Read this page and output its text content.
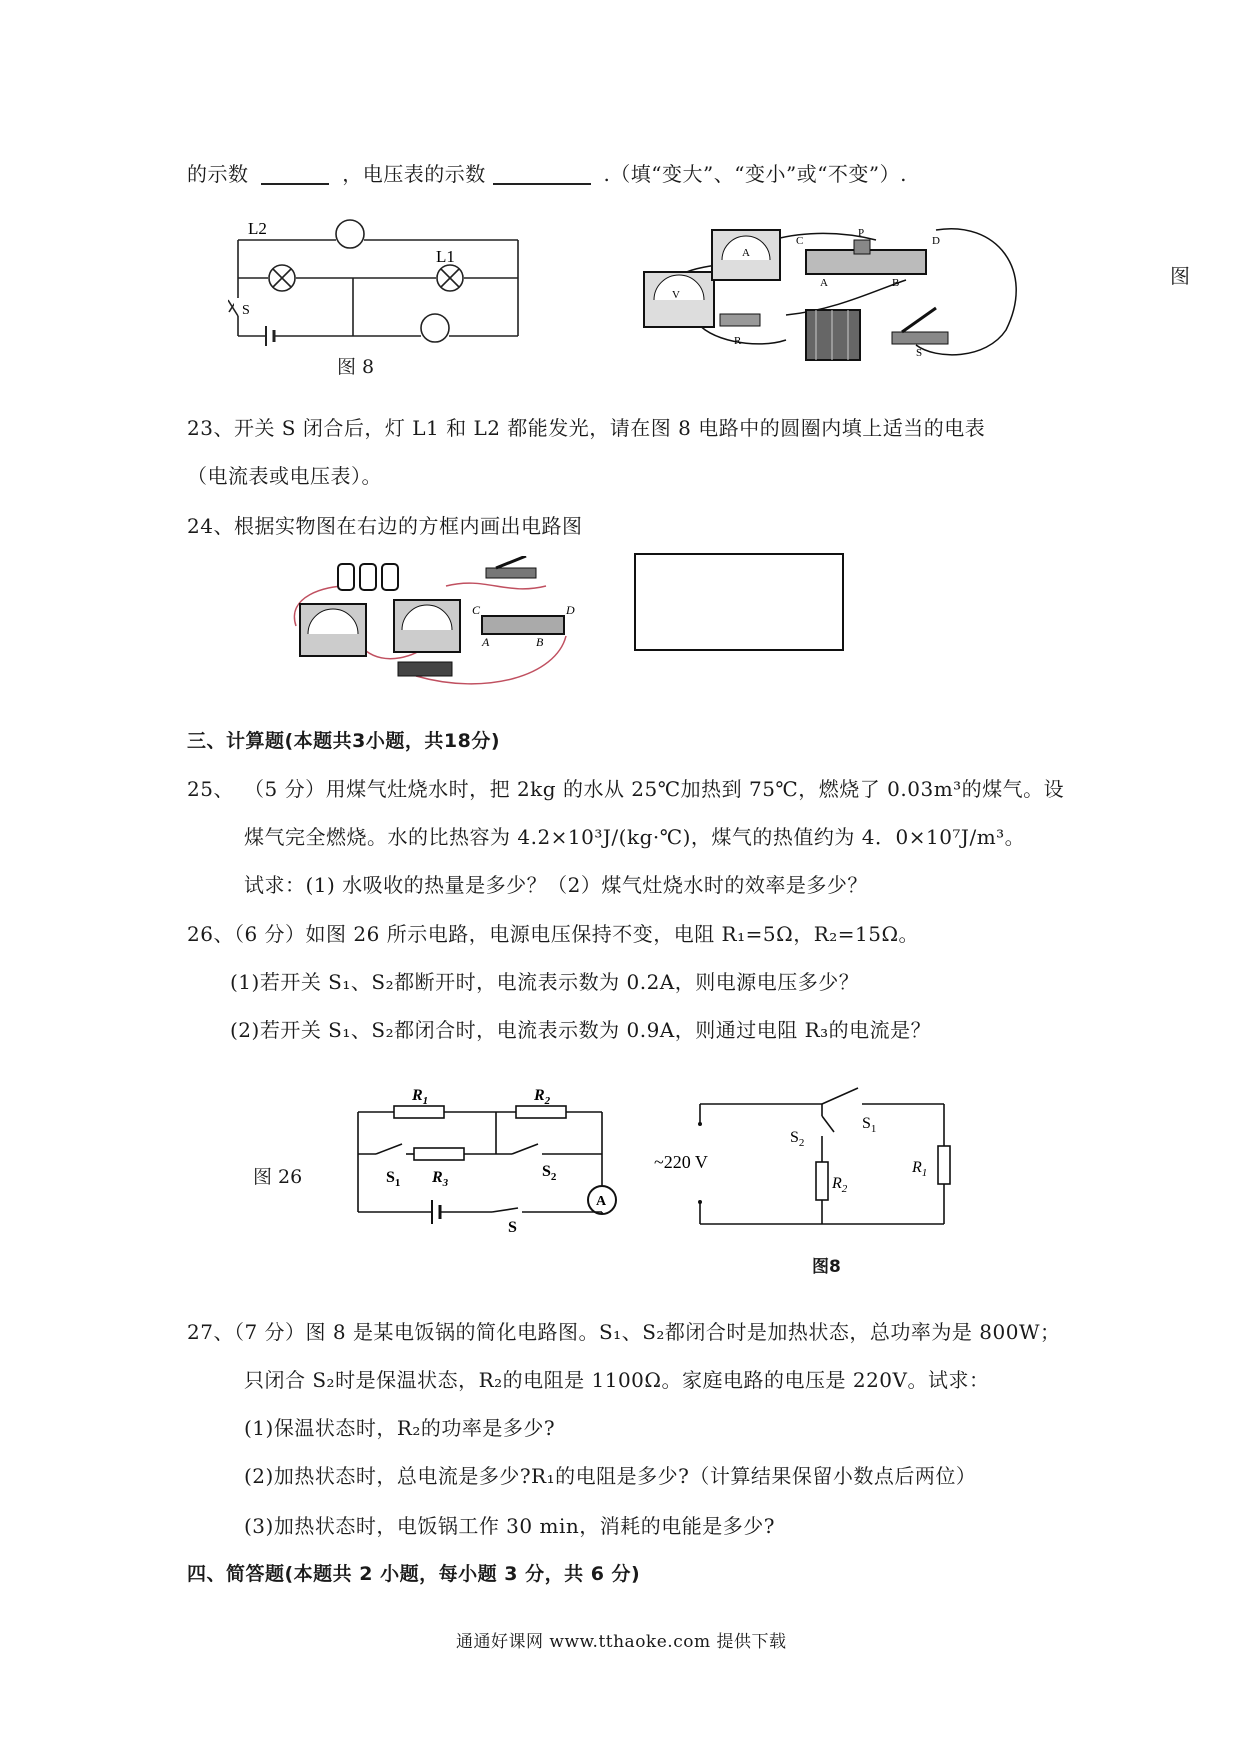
的示数	，电压表的示数	.（填“变大”、“变小”或“不变”）.
L2
L1
S
图 8
V
A
P
C	D
A	B
R
S
图
23、开关 S 闭合后，灯 L1 和 L2 都能发光，请在图 8 电路中的圆圈内填上适当的电表
（电流表或电压表）。
24、根据实物图在右边的方框内画出电路图
C	D
A	B
三、计算题(本题共3小题，共18分)
25、 （5 分）用煤气灶烧水时，把 2kg 的水从 25℃加热到 75℃，燃烧了 0.03m³的煤气。设
煤气完全燃烧。水的比热容为 4.2×10³J/(kg·℃)，煤气的热值约为 4．0×10⁷J/m³。
试求：(1) 水吸收的热量是多少？（2）煤气灶烧水时的效率是多少？
26、（6 分）如图 26 所示电路，电源电压保持不变，电阻 R₁=5Ω，R₂=15Ω。
(1)若开关 S₁、S₂都断开时，电流表示数为 0.2A，则电源电压多少？
(2)若开关 S₁、S₂都闭合时，电流表示数为 0.9A，则通过电阻 R₃的电流是？
图 26
$R_1$	$R_2$
$R_3$
$S_1$
$S_2$
S
A
~220 V
$S_1$
$S_2$
$R_1$
$R_2$
图8
27、（7 分）图 8 是某电饭锅的简化电路图。S₁、S₂都闭合时是加热状态，总功率为是 800W；
只闭合 S₂时是保温状态，R₂的电阻是 1100Ω。家庭电路的电压是 220V。试求：
(1)保温状态时，R₂的功率是多少?
(2)加热状态时，总电流是多少?R₁的电阻是多少?（计算结果保留小数点后两位）
(3)加热状态时，电饭锅工作 30 min，消耗的电能是多少?
四、简答题(本题共 2 小题，每小题 3 分，共 6 分)
通通好课网 www.tthaoke.com 提供下载
